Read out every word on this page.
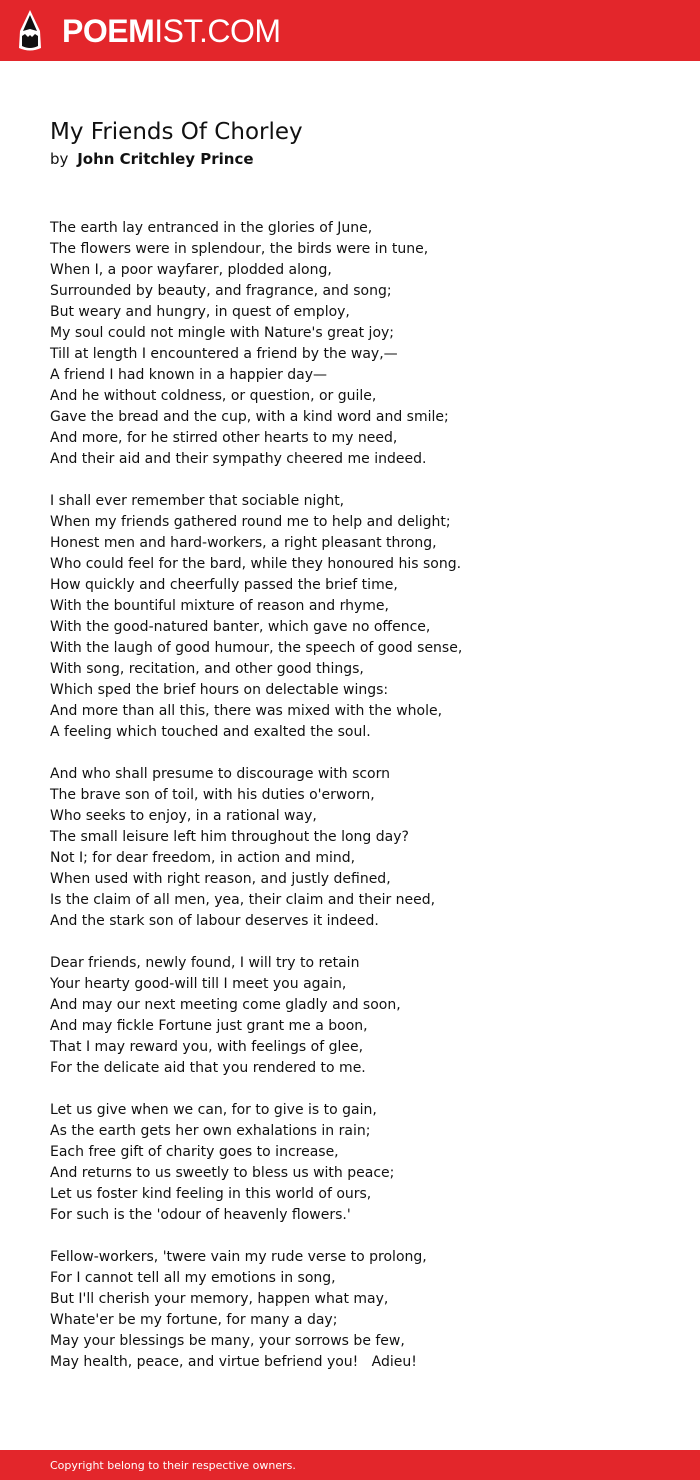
POEMIST.COM
My Friends Of Chorley
by John Critchley Prince
The earth lay entranced in the glories of June,
The flowers were in splendour, the birds were in tune,
When I, a poor wayfarer, plodded along,
Surrounded by beauty, and fragrance, and song;
But weary and hungry, in quest of employ,
My soul could not mingle with Nature's great joy;
Till at length I encountered a friend by the way,—
A friend I had known in a happier day—
And he without coldness, or question, or guile,
Gave the bread and the cup, with a kind word and smile;
And more, for he stirred other hearts to my need,
And their aid and their sympathy cheered me indeed.
I shall ever remember that sociable night,
When my friends gathered round me to help and delight;
Honest men and hard-workers, a right pleasant throng,
Who could feel for the bard, while they honoured his song.
How quickly and cheerfully passed the brief time,
With the bountiful mixture of reason and rhyme,
With the good-natured banter, which gave no offence,
With the laugh of good humour, the speech of good sense,
With song, recitation, and other good things,
Which sped the brief hours on delectable wings:
And more than all this, there was mixed with the whole,
A feeling which touched and exalted the soul.
And who shall presume to discourage with scorn
The brave son of toil, with his duties o'erworn,
Who seeks to enjoy, in a rational way,
The small leisure left him throughout the long day?
Not I; for dear freedom, in action and mind,
When used with right reason, and justly defined,
Is the claim of all men, yea, their claim and their need,
And the stark son of labour deserves it indeed.
Dear friends, newly found, I will try to retain
Your hearty good-will till I meet you again,
And may our next meeting come gladly and soon,
And may fickle Fortune just grant me a boon,
That I may reward you, with feelings of glee,
For the delicate aid that you rendered to me.
Let us give when we can, for to give is to gain,
As the earth gets her own exhalations in rain;
Each free gift of charity goes to increase,
And returns to us sweetly to bless us with peace;
Let us foster kind feeling in this world of ours,
For such is the 'odour of heavenly flowers.'
Fellow-workers, 'twere vain my rude verse to prolong,
For I cannot tell all my emotions in song,
But I'll cherish your memory, happen what may,
Whate'er be my fortune, for many a day;
May your blessings be many, your sorrows be few,
May health, peace, and virtue befriend you!   Adieu!
Copyright belong to their respective owners.
